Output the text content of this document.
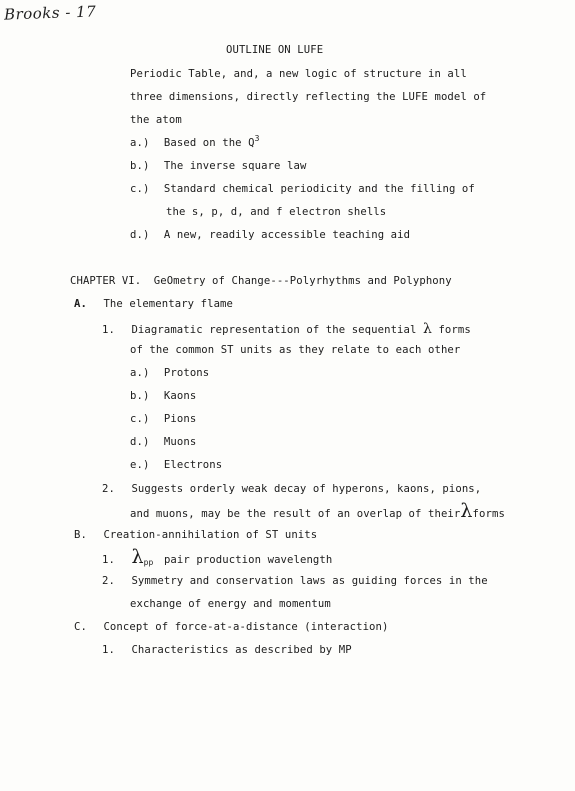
Brooks - 17
OUTLINE ON LUFE
Periodic Table, and, a new logic of structure in all
three dimensions, directly reflecting the LUFE model of
the atom
a.) Based on the $Q^3$
b.) The inverse square law
c.) Standard chemical periodicity and the filling of
the s, p, d, and f electron shells
d.) A new, readily accessible teaching aid
CHAPTER VI. GeOmetry of Change---Polyrhythms and Polyphony
A. The elementary flame
1. Diagramatic representation of the sequential λ forms
of the common ST units as they relate to each other
a.) Protons
b.) Kaons
c.) Pions
d.) Muons
e.) Electrons
2. Suggests orderly weak decay of hyperons, kaons, pions,
and muons, may be the result of an overlap of theirλforms
B. Creation-annihilation of ST units
1. λpp pair production wavelength
2. Symmetry and conservation laws as guiding forces in the
exchange of energy and momentum
C. Concept of force-at-a-distance (interaction)
1. Characteristics as described by MP
